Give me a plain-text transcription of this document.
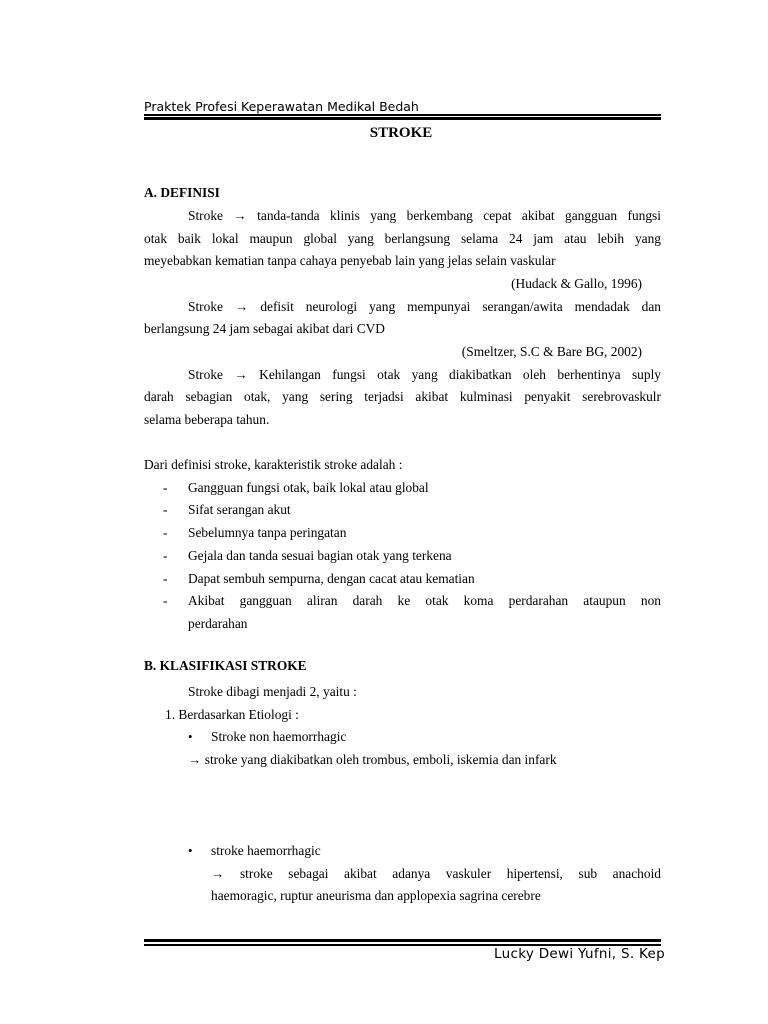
Praktek Profesi Keperawatan Medikal Bedah
STROKE
A. DEFINISI
Stroke → tanda-tanda klinis yang berkembang cepat akibat gangguan fungsi
otak baik lokal maupun global yang berlangsung selama 24 jam atau lebih yang
meyebabkan kematian tanpa cahaya penyebab lain yang jelas selain vaskular
(Hudack & Gallo, 1996)
Stroke → defisit neurologi yang mempunyai serangan/awita mendadak dan
berlangsung 24 jam sebagai akibat dari CVD
(Smeltzer, S.C & Bare BG, 2002)
Stroke → Kehilangan fungsi otak yang diakibatkan oleh berhentinya suply
darah sebagian otak, yang sering terjadsi akibat kulminasi penyakit serebrovaskulr
selama beberapa tahun.
Dari definisi stroke, karakteristik stroke adalah :
- Gangguan fungsi otak, baik lokal atau global
- Sifat serangan akut
- Sebelumnya tanpa peringatan
- Gejala dan tanda sesuai bagian otak yang terkena
- Dapat sembuh sempurna, dengan cacat atau kematian
- Akibat gangguan aliran darah ke otak koma perdarahan ataupun non
perdarahan
B. KLASIFIKASI STROKE
Stroke dibagi menjadi 2, yaitu :
1. Berdasarkan Etiologi :
• Stroke non haemorrhagic
→ stroke yang diakibatkan oleh trombus, emboli, iskemia dan infark
• stroke haemorrhagic
→ stroke sebagai akibat adanya vaskuler hipertensi, sub anachoid
haemoragic, ruptur aneurisma dan applopexia sagrina cerebre
Lucky Dewi Yufni, S. Kep
